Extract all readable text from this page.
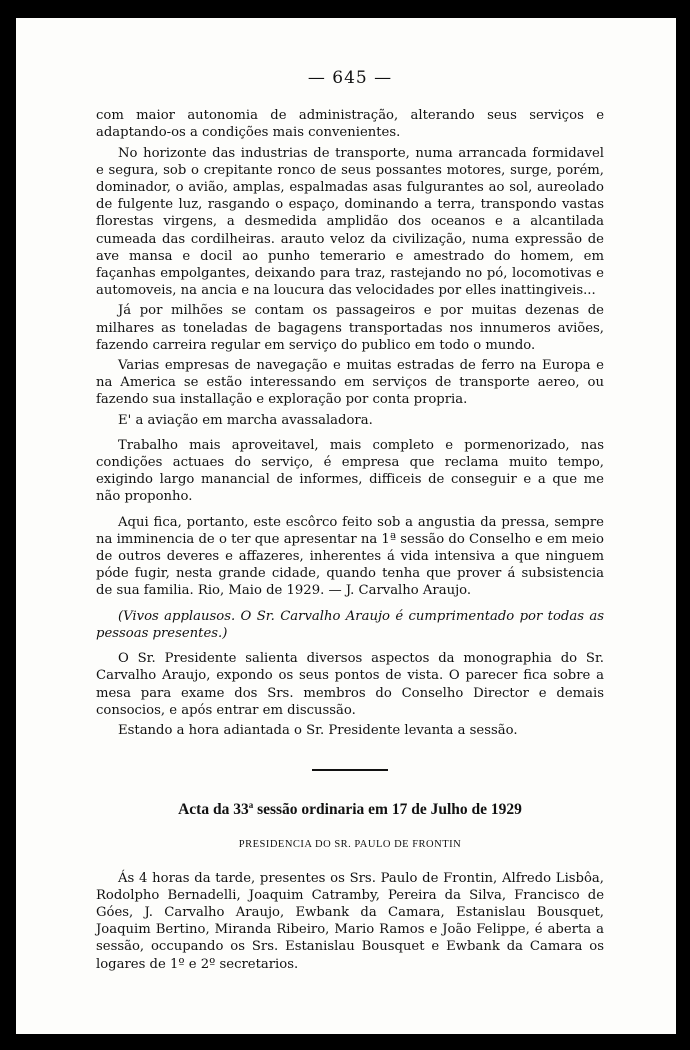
— 645 —

com maior autonomia de administração, alterando seus serviços e adaptando-os a condições mais convenientes.

No horizonte das industrias de transporte, numa arrancada formidavel e segura, sob o crepitante ronco de seus possantes motores, surge, porém, dominador, o avião, amplas, espalmadas asas fulgurantes ao sol, aureolado de fulgente luz, rasgando o espaço, dominando a terra, transpondo vastas florestas virgens, a desmedida amplidão dos oceanos e a alcantilada cumeada das cordilheiras. arauto veloz da civilização, numa expressão de ave mansa e docil ao punho temerario e amestrado do homem, em façanhas empolgantes, deixando para traz, rastejando no pó, locomotivas e automoveis, na ancia e na loucura das velocidades por elles inattingiveis...

Já por milhões se contam os passageiros e por muitas dezenas de milhares as toneladas de bagagens transportadas nos innumeros aviões, fazendo carreira regular em serviço do publico em todo o mundo.

Varias empresas de navegação e muitas estradas de ferro na Europa e na America se estão interessando em serviços de transporte aereo, ou fazendo sua installação e exploração por conta propria.

E' a aviação em marcha avassaladora.

Trabalho mais aproveitavel, mais completo e pormenorizado, nas condições actuaes do serviço, é empresa que reclama muito tempo, exigindo largo manancial de informes, difficeis de conseguir e a que me não proponho.

Aqui fica, portanto, este escôrco feito sob a angustia da pressa, sempre na imminencia de o ter que apresentar na 1ª sessão do Conselho e em meio de outros deveres e affazeres, inherentes á vida intensiva a que ninguem póde fugir, nesta grande cidade, quando tenha que prover á subsistencia de sua familia. Rio, Maio de 1929. — J. Carvalho Araujo.

(Vivos applausos. O Sr. Carvalho Araujo é cumprimentado por todas as pessoas presentes.)

O Sr. Presidente salienta diversos aspectos da monographia do Sr. Carvalho Araujo, expondo os seus pontos de vista. O parecer fica sobre a mesa para exame dos Srs. membros do Conselho Director e demais consocios, e após entrar em discussão.

Estando a hora adiantada o Sr. Presidente levanta a sessão.

Acta da 33$^a$ sessão ordinaria em 17 de Julho de 1929
PRESIDENCIA DO SR. PAULO DE FRONTIN

Ás 4 horas da tarde, presentes os Srs. Paulo de Frontin, Alfredo Lisbôa, Rodolpho Bernadelli, Joaquim Catramby, Pereira da Silva, Francisco de Góes, J. Carvalho Araujo, Ewbank da Camara, Estanislau Bousquet, Joaquim Bertino, Miranda Ribeiro, Mario Ramos e João Felippe, é aberta a sessão, occupando os Srs. Estanislau Bousquet e Ewbank da Camara os logares de 1º e 2º secretarios.
